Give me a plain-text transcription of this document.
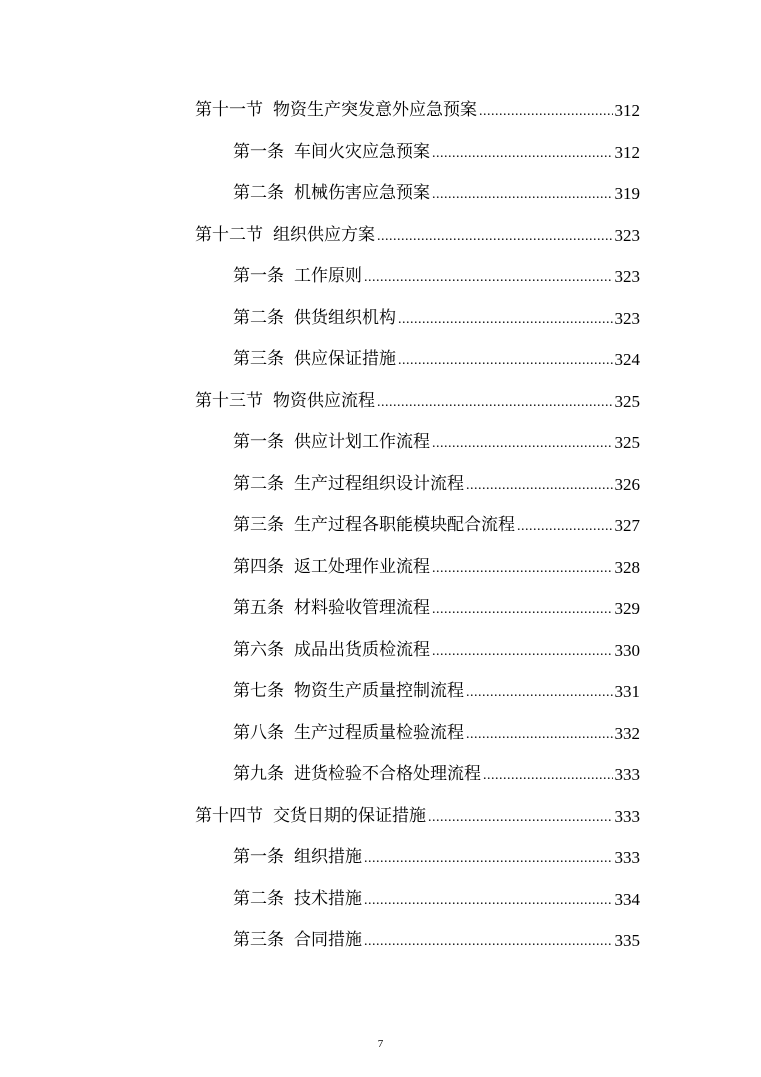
第十一节 物资生产突发意外应急预案 .....	312
第一条 车间火灾应急预案 .....	312
第二条 机械伤害应急预案 .....	319
第十二节 组织供应方案 .....	323
第一条 工作原则 .....	323
第二条 供货组织机构 .....	323
第三条 供应保证措施 .....	324
第十三节 物资供应流程 .....	325
第一条 供应计划工作流程 .....	325
第二条 生产过程组织设计流程 .....	326
第三条 生产过程各职能模块配合流程 .....	327
第四条 返工处理作业流程 .....	328
第五条 材料验收管理流程 .....	329
第六条 成品出货质检流程 .....	330
第七条 物资生产质量控制流程 .....	331
第八条 生产过程质量检验流程 .....	332
第九条 进货检验不合格处理流程 .....	333
第十四节 交货日期的保证措施 .....	333
第一条 组织措施 .....	333
第二条 技术措施 .....	334
第三条 合同措施 .....	335
7
